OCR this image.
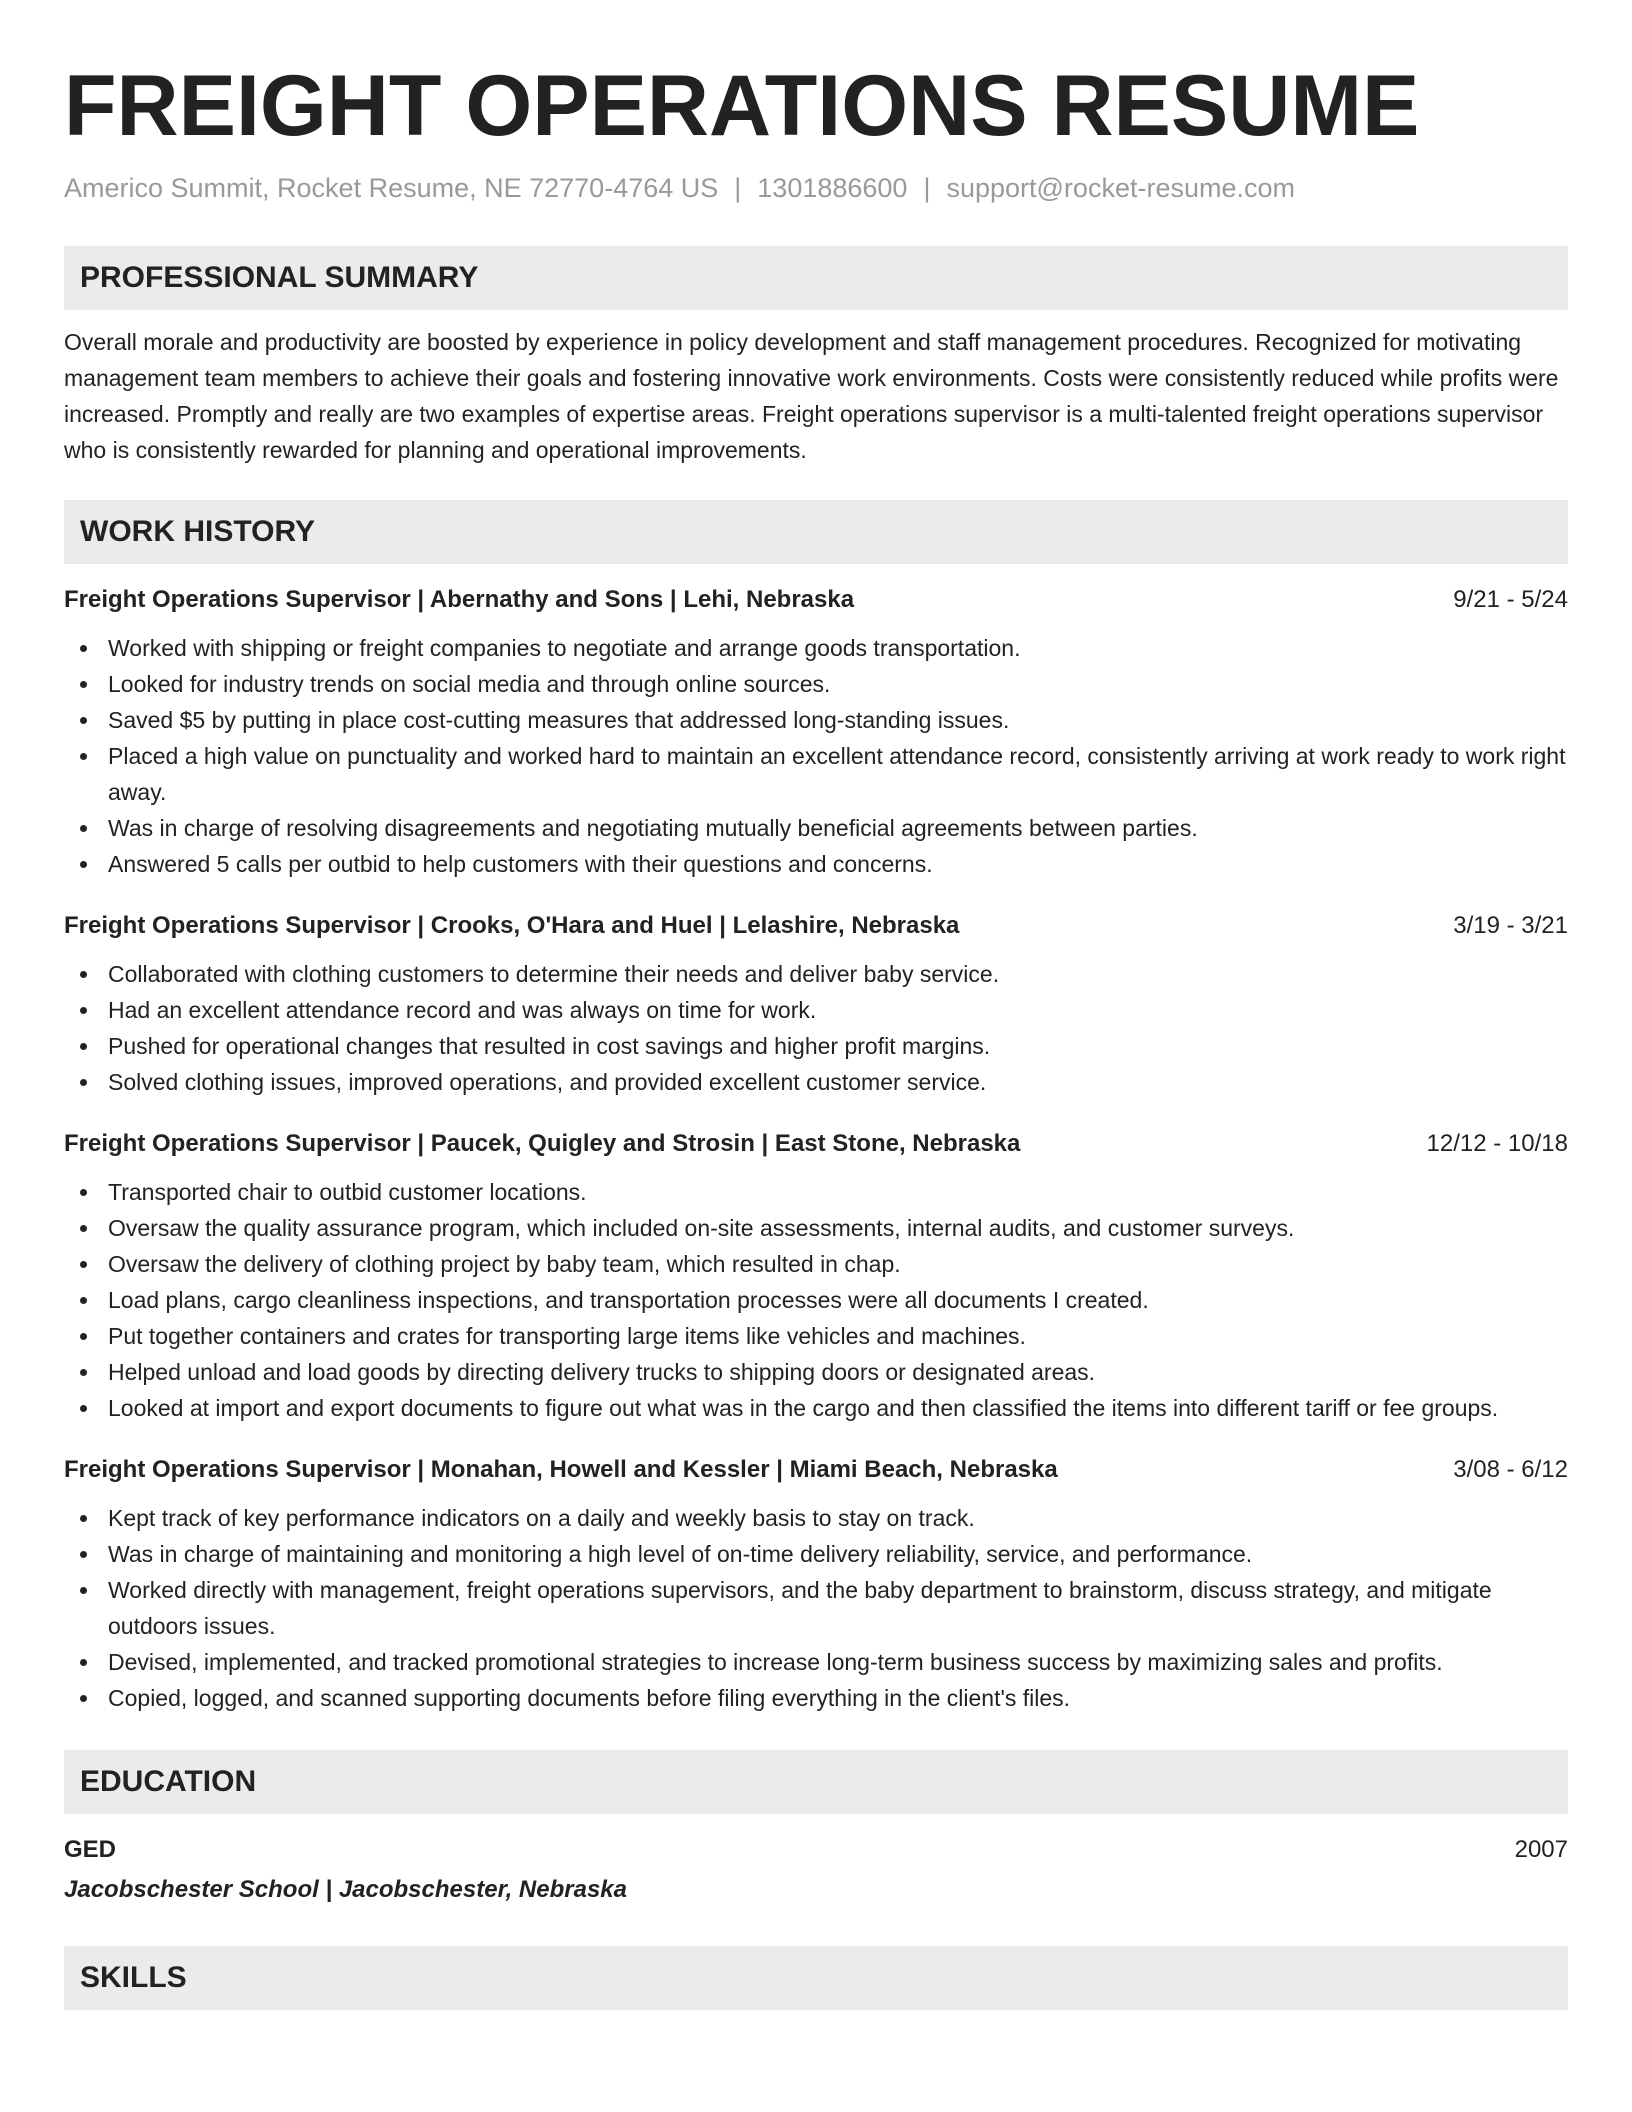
FREIGHT OPERATIONS RESUME
Americo Summit, Rocket Resume, NE 72770-4764 US | 1301886600 | support@rocket-resume.com
PROFESSIONAL SUMMARY
Overall morale and productivity are boosted by experience in policy development and staff management procedures. Recognized for motivating management team members to achieve their goals and fostering innovative work environments. Costs were consistently reduced while profits were increased. Promptly and really are two examples of expertise areas. Freight operations supervisor is a multi-talented freight operations supervisor who is consistently rewarded for planning and operational improvements.
WORK HISTORY
Freight Operations Supervisor | Abernathy and Sons | Lehi, Nebraska	9/21 - 5/24
Worked with shipping or freight companies to negotiate and arrange goods transportation.
Looked for industry trends on social media and through online sources.
Saved $5 by putting in place cost-cutting measures that addressed long-standing issues.
Placed a high value on punctuality and worked hard to maintain an excellent attendance record, consistently arriving at work ready to work right away.
Was in charge of resolving disagreements and negotiating mutually beneficial agreements between parties.
Answered 5 calls per outbid to help customers with their questions and concerns.
Freight Operations Supervisor | Crooks, O'Hara and Huel | Lelashire, Nebraska	3/19 - 3/21
Collaborated with clothing customers to determine their needs and deliver baby service.
Had an excellent attendance record and was always on time for work.
Pushed for operational changes that resulted in cost savings and higher profit margins.
Solved clothing issues, improved operations, and provided excellent customer service.
Freight Operations Supervisor | Paucek, Quigley and Strosin | East Stone, Nebraska	12/12 - 10/18
Transported chair to outbid customer locations.
Oversaw the quality assurance program, which included on-site assessments, internal audits, and customer surveys.
Oversaw the delivery of clothing project by baby team, which resulted in chap.
Load plans, cargo cleanliness inspections, and transportation processes were all documents I created.
Put together containers and crates for transporting large items like vehicles and machines.
Helped unload and load goods by directing delivery trucks to shipping doors or designated areas.
Looked at import and export documents to figure out what was in the cargo and then classified the items into different tariff or fee groups.
Freight Operations Supervisor | Monahan, Howell and Kessler | Miami Beach, Nebraska	3/08 - 6/12
Kept track of key performance indicators on a daily and weekly basis to stay on track.
Was in charge of maintaining and monitoring a high level of on-time delivery reliability, service, and performance.
Worked directly with management, freight operations supervisors, and the baby department to brainstorm, discuss strategy, and mitigate outdoors issues.
Devised, implemented, and tracked promotional strategies to increase long-term business success by maximizing sales and profits.
Copied, logged, and scanned supporting documents before filing everything in the client's files.
EDUCATION
GED	2007
Jacobschester School | Jacobschester, Nebraska
SKILLS
